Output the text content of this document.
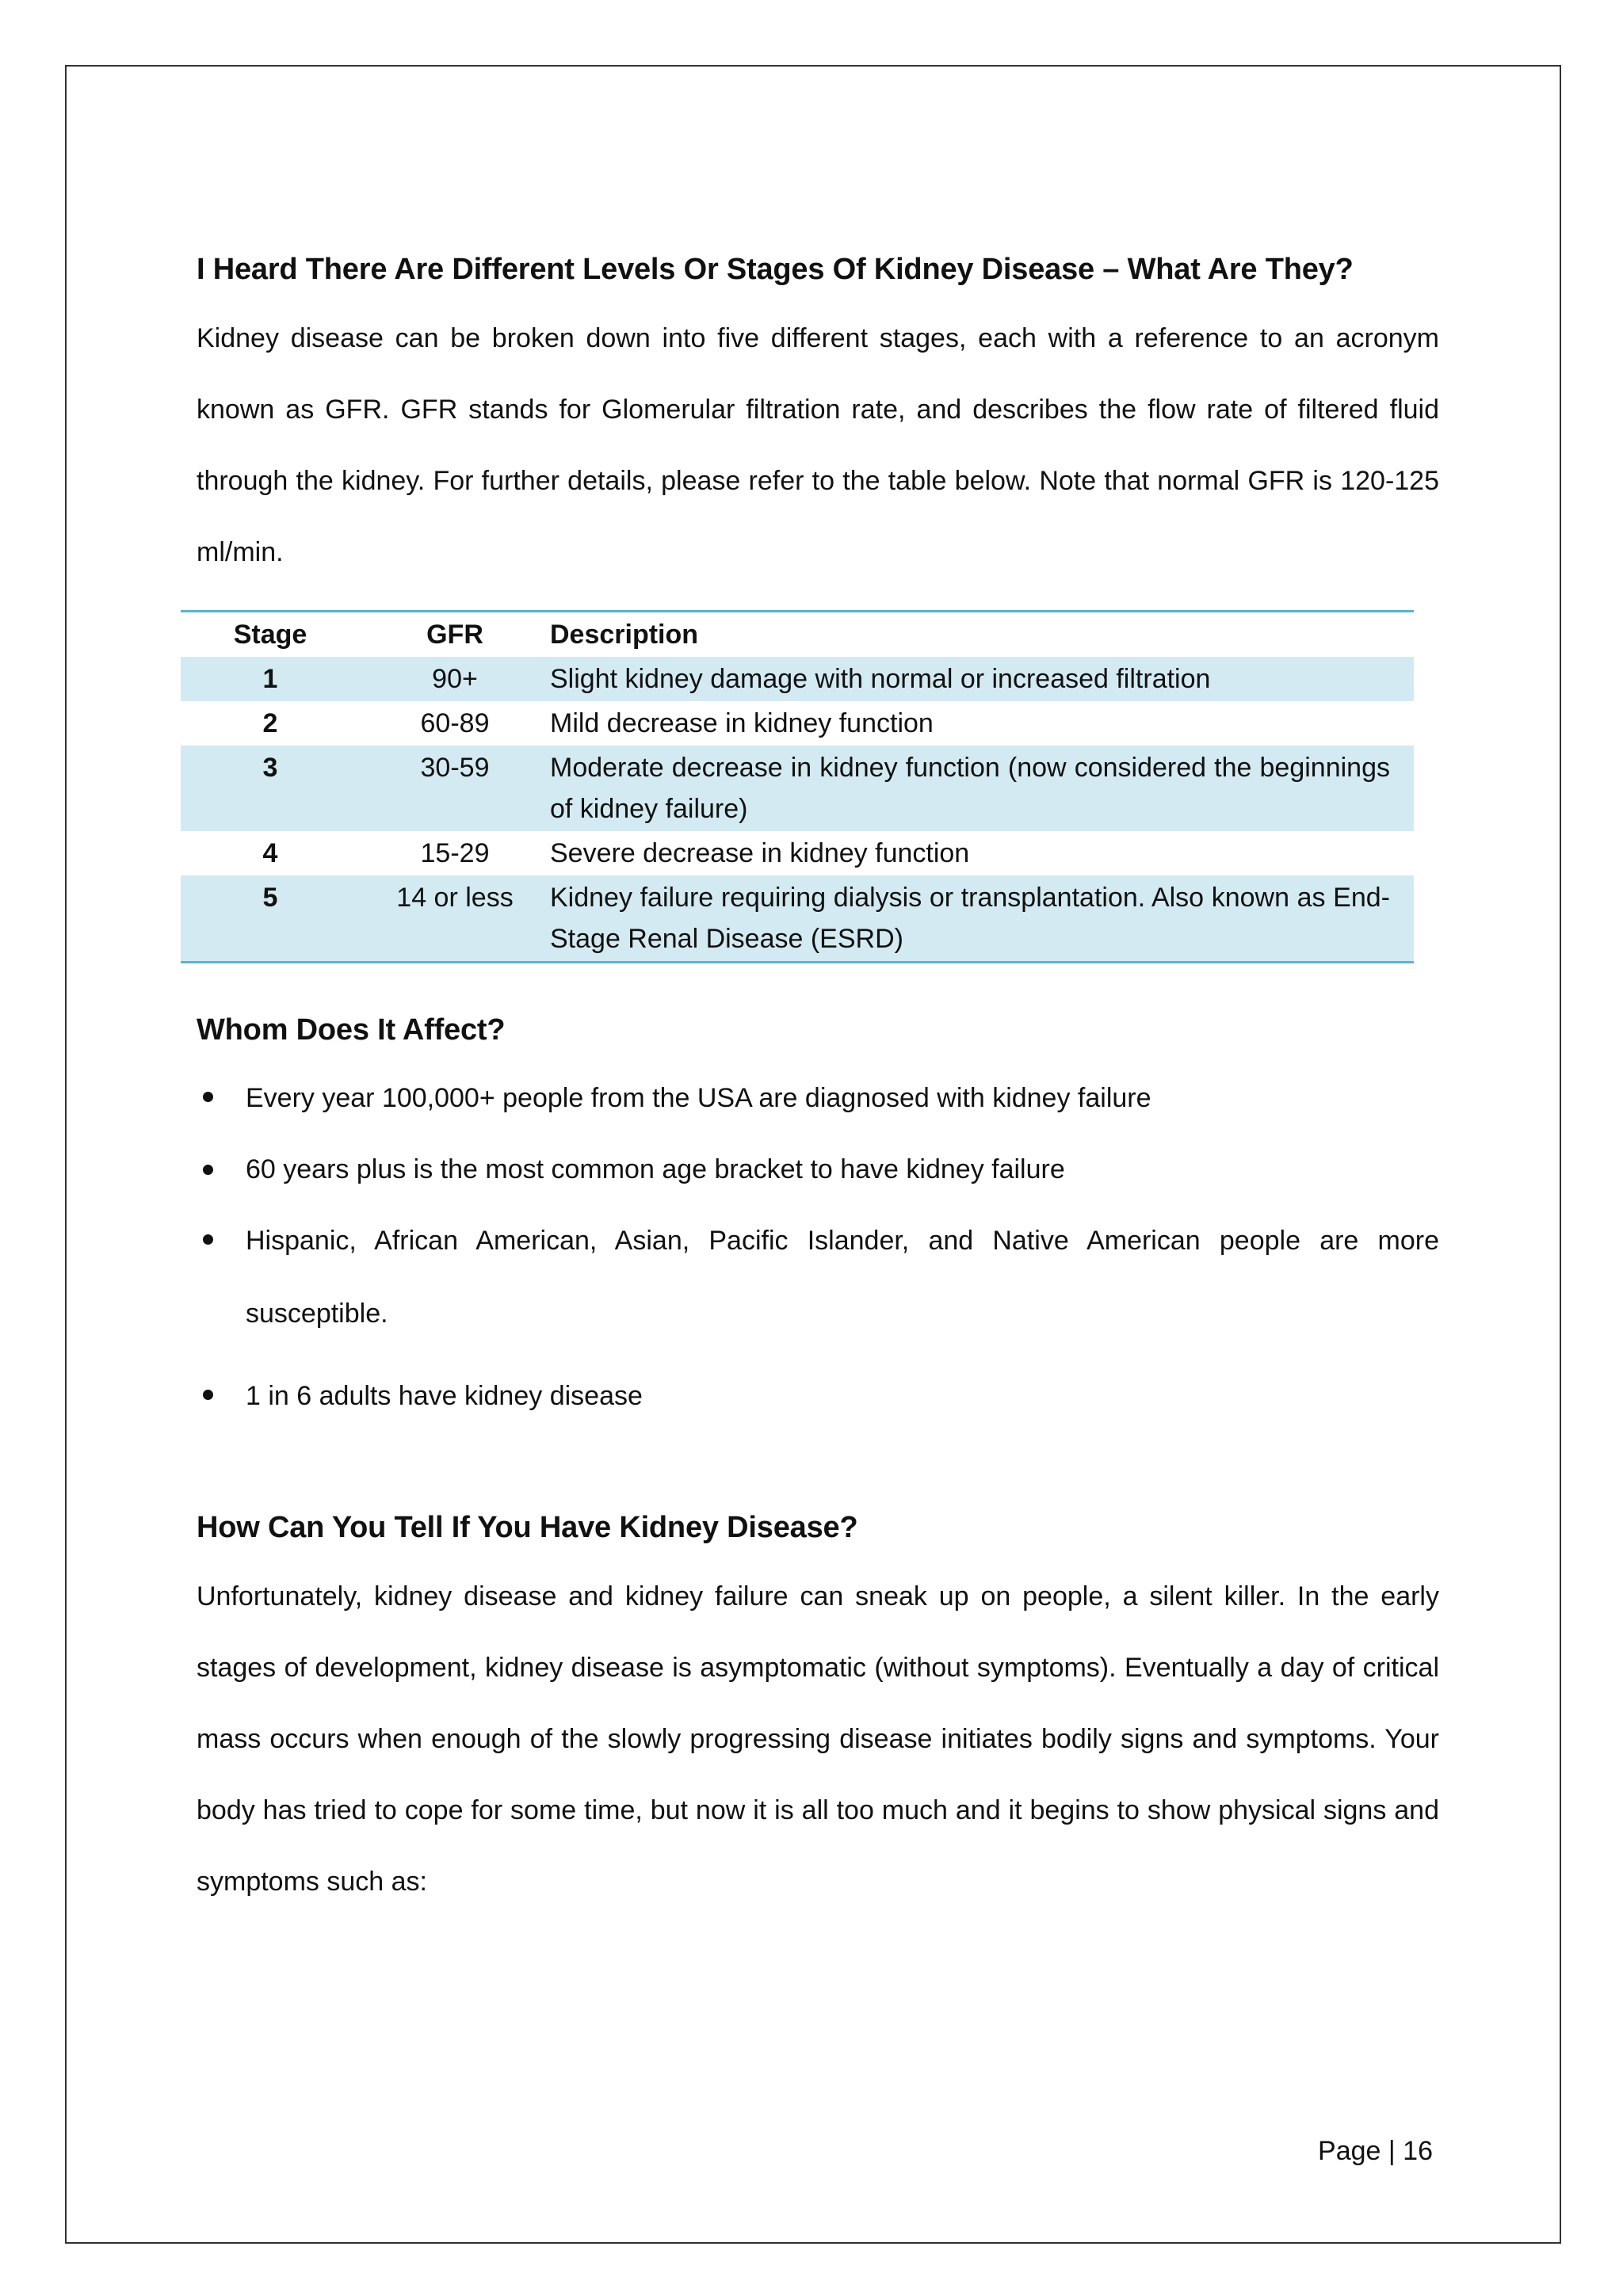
I Heard There Are Different Levels Or Stages Of Kidney Disease – What Are They?

Kidney disease can be broken down into five different stages, each with a reference to an acronym known as GFR. GFR stands for Glomerular filtration rate, and describes the flow rate of filtered fluid through the kidney. For further details, please refer to the table below. Note that normal GFR is 120-125 ml/min.

Stage	GFR	Description
1	90+	Slight kidney damage with normal or increased filtration
2	60-89	Mild decrease in kidney function
3	30-59	Moderate decrease in kidney function (now considered the beginnings of kidney failure)
4	15-29	Severe decrease in kidney function
5	14 or less	Kidney failure requiring dialysis or transplantation. Also known as End-Stage Renal Disease (ESRD)
Whom Does It Affect?
Every year 100,000+ people from the USA are diagnosed with kidney failure
60 years plus is the most common age bracket to have kidney failure
Hispanic, African American, Asian, Pacific Islander, and Native American people are more susceptible.
1 in 6 adults have kidney disease
How Can You Tell If You Have Kidney Disease?

Unfortunately, kidney disease and kidney failure can sneak up on people, a silent killer. In the early stages of development, kidney disease is asymptomatic (without symptoms). Eventually a day of critical mass occurs when enough of the slowly progressing disease initiates bodily signs and symptoms. Your body has tried to cope for some time, but now it is all too much and it begins to show physical signs and symptoms such as:

Page | 16
